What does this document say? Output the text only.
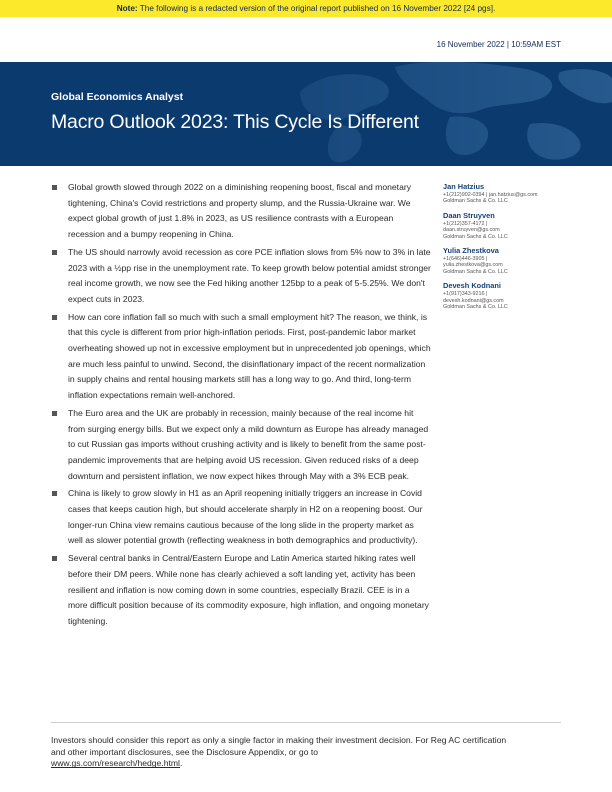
Note: The following is a redacted version of the original report published on 16 November 2022 [24 pgs].
16 November 2022 | 10:59AM EST
Global Economics Analyst
Macro Outlook 2023: This Cycle Is Different
Global growth slowed through 2022 on a diminishing reopening boost, fiscal and monetary tightening, China's Covid restrictions and property slump, and the Russia-Ukraine war. We expect global growth of just 1.8% in 2023, as US resilience contrasts with a European recession and a bumpy reopening in China.
The US should narrowly avoid recession as core PCE inflation slows from 5% now to 3% in late 2023 with a ½pp rise in the unemployment rate. To keep growth below potential amidst stronger real income growth, we now see the Fed hiking another 125bp to a peak of 5-5.25%. We don't expect cuts in 2023.
How can core inflation fall so much with such a small employment hit? The reason, we think, is that this cycle is different from prior high-inflation periods. First, post-pandemic labor market overheating showed up not in excessive employment but in unprecedented job openings, which are much less painful to unwind. Second, the disinflationary impact of the recent normalization in supply chains and rental housing markets still has a long way to go. And third, long-term inflation expectations remain well-anchored.
The Euro area and the UK are probably in recession, mainly because of the real income hit from surging energy bills. But we expect only a mild downturn as Europe has already managed to cut Russian gas imports without crushing activity and is likely to benefit from the same post-pandemic improvements that are helping avoid US recession. Given reduced risks of a deep downturn and persistent inflation, we now expect hikes through May with a 3% ECB peak.
China is likely to grow slowly in H1 as an April reopening initially triggers an increase in Covid cases that keeps caution high, but should accelerate sharply in H2 on a reopening boost. Our longer-run China view remains cautious because of the long slide in the property market as well as slower potential growth (reflecting weakness in both demographics and productivity).
Several central banks in Central/Eastern Europe and Latin America started hiking rates well before their DM peers. While none has clearly achieved a soft landing yet, activity has been resilient and inflation is now coming down in some countries, especially Brazil. CEE is in a more difficult position because of its commodity exposure, high inflation, and ongoing monetary tightening.
Jan Hatzius
+1(212)902-0394 | jan.hatzius@gs.com
Goldman Sachs & Co. LLC
Daan Struyven
+1(212)357-4172 |
daan.struyven@gs.com
Goldman Sachs & Co. LLC
Yulia Zhestkova
+1(646)446-3905 |
yulia.zhestkova@gs.com
Goldman Sachs & Co. LLC
Devesh Kodnani
+1(917)343-9216 |
devesh.kodnani@gs.com
Goldman Sachs & Co. LLC
Investors should consider this report as only a single factor in making their investment decision. For Reg AC certification and other important disclosures, see the Disclosure Appendix, or go to
www.gs.com/research/hedge.html.
